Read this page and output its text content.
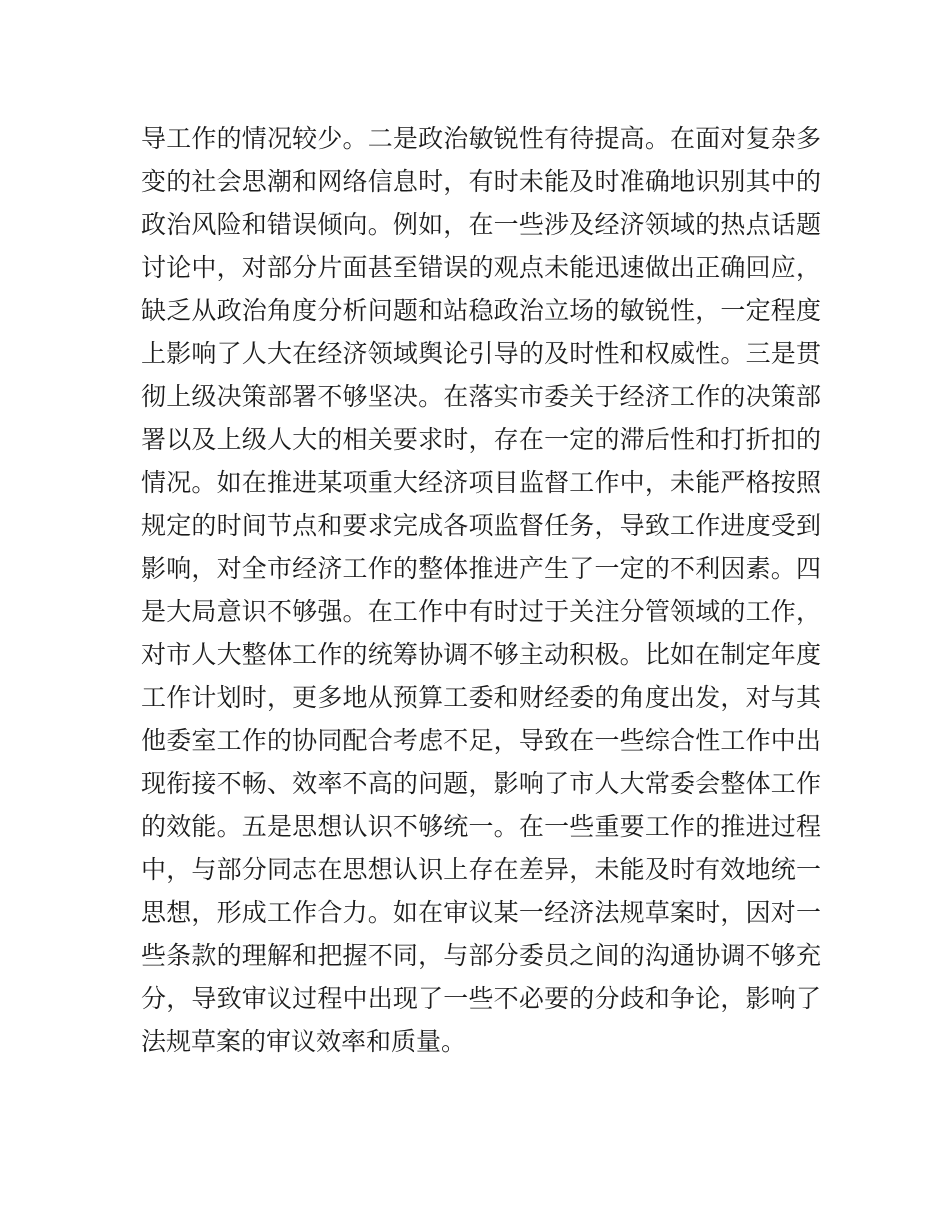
导工作的情况较少。二是政治敏锐性有待提高。在面对复杂多
变的社会思潮和网络信息时，有时未能及时准确地识别其中的
政治风险和错误倾向。例如，在一些涉及经济领域的热点话题
讨论中，对部分片面甚至错误的观点未能迅速做出正确回应，
缺乏从政治角度分析问题和站稳政治立场的敏锐性，一定程度
上影响了人大在经济领域舆论引导的及时性和权威性。三是贯
彻上级决策部署不够坚决。在落实市委关于经济工作的决策部
署以及上级人大的相关要求时，存在一定的滞后性和打折扣的
情况。如在推进某项重大经济项目监督工作中，未能严格按照
规定的时间节点和要求完成各项监督任务，导致工作进度受到
影响，对全市经济工作的整体推进产生了一定的不利因素。四
是大局意识不够强。在工作中有时过于关注分管领域的工作，
对市人大整体工作的统筹协调不够主动积极。比如在制定年度
工作计划时，更多地从预算工委和财经委的角度出发，对与其
他委室工作的协同配合考虑不足，导致在一些综合性工作中出
现衔接不畅、效率不高的问题，影响了市人大常委会整体工作
的效能。五是思想认识不够统一。在一些重要工作的推进过程
中，与部分同志在思想认识上存在差异，未能及时有效地统一
思想，形成工作合力。如在审议某一经济法规草案时，因对一
些条款的理解和把握不同，与部分委员之间的沟通协调不够充
分，导致审议过程中出现了一些不必要的分歧和争论，影响了
法规草案的审议效率和质量。
